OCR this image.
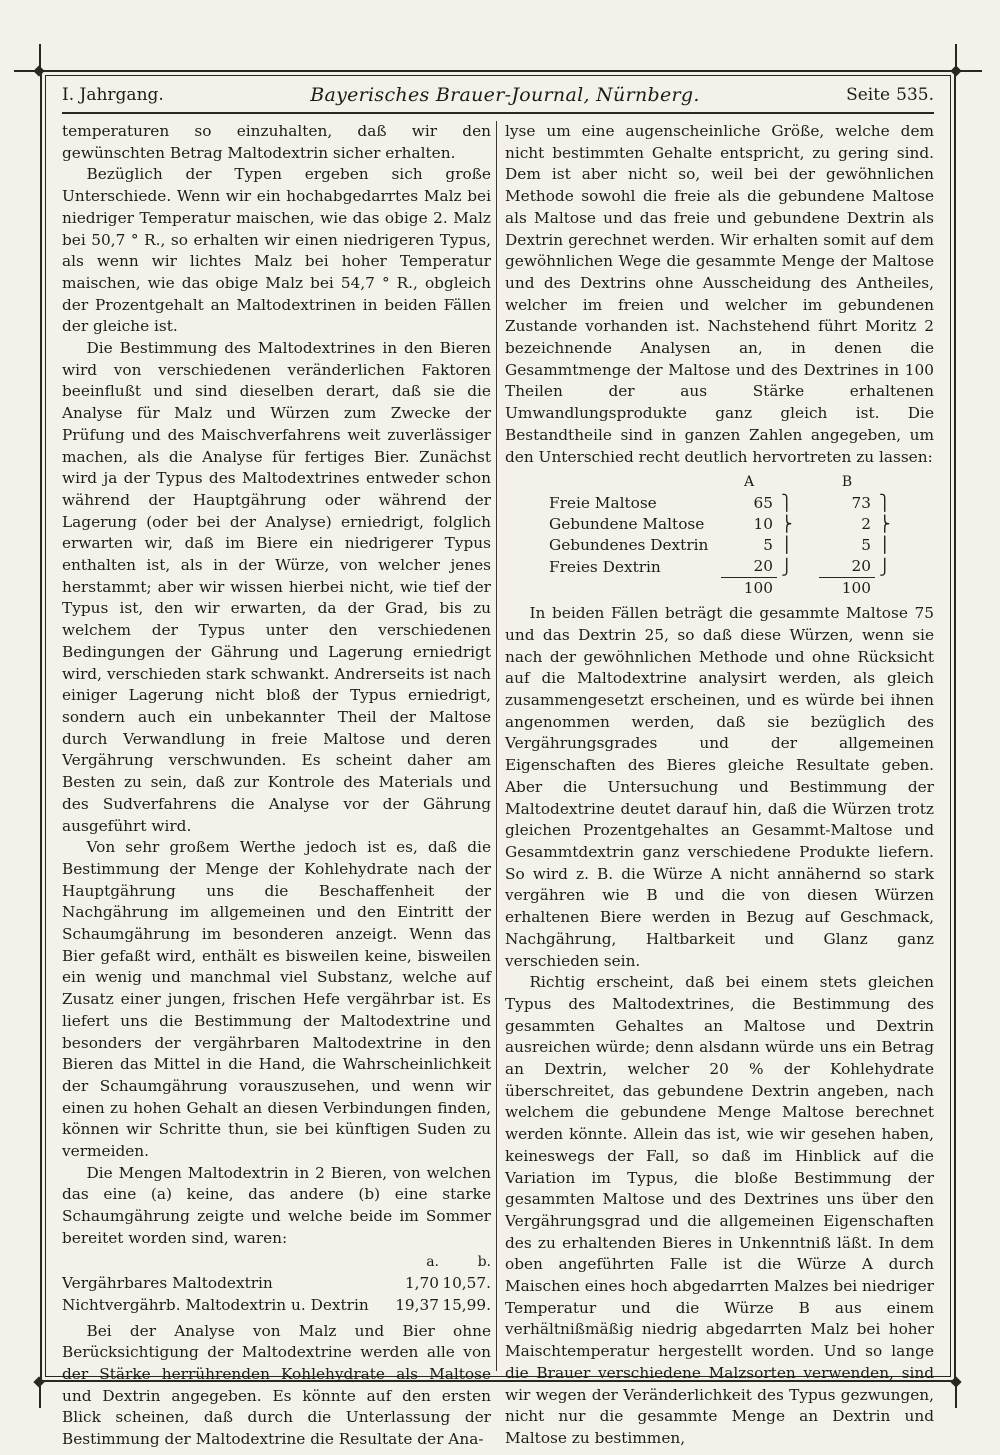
I. Jahrgang.	Bayerisches Brauer-Journal, Nürnberg.	Seite 535.

temperaturen so einzuhalten, daß wir den gewünschten Betrag Maltodextrin sicher erhalten.

Bezüglich der Typen ergeben sich große Unterschiede. Wenn wir ein hochabgedarrtes Malz bei niedriger Temperatur maischen, wie das obige 2. Malz bei 50,7 ° R., so erhalten wir einen niedrigeren Typus, als wenn wir lichtes Malz bei hoher Temperatur maischen, wie das obige Malz bei 54,7 ° R., obgleich der Prozentgehalt an Maltodextrinen in beiden Fällen der gleiche ist.

Die Bestimmung des Maltodextrines in den Bieren wird von verschiedenen veränderlichen Faktoren beeinflußt und sind dieselben derart, daß sie die Analyse für Malz und Würzen zum Zwecke der Prüfung und des Maischverfahrens weit zuverlässiger machen, als die Analyse für fertiges Bier. Zunächst wird ja der Typus des Maltodextrines entweder schon während der Hauptgährung oder während der Lagerung (oder bei der Analyse) erniedrigt, folglich erwarten wir, daß im Biere ein niedrigerer Typus enthalten ist, als in der Würze, von welcher jenes herstammt; aber wir wissen hierbei nicht, wie tief der Typus ist, den wir erwarten, da der Grad, bis zu welchem der Typus unter den verschiedenen Bedingungen der Gährung und Lagerung erniedrigt wird, verschieden stark schwankt. Andrerseits ist nach einiger Lagerung nicht bloß der Typus erniedrigt, sondern auch ein unbekannter Theil der Maltose durch Verwandlung in freie Maltose und deren Vergährung verschwunden. Es scheint daher am Besten zu sein, daß zur Kontrole des Materials und des Sudverfahrens die Analyse vor der Gährung ausgeführt wird.

Von sehr großem Werthe jedoch ist es, daß die Bestimmung der Menge der Kohlehydrate nach der Hauptgährung uns die Beschaffenheit der Nachgährung im allgemeinen und den Eintritt der Schaumgährung im besonderen anzeigt. Wenn das Bier gefaßt wird, enthält es bisweilen keine, bisweilen ein wenig und manchmal viel Substanz, welche auf Zusatz einer jungen, frischen Hefe vergährbar ist. Es liefert uns die Bestimmung der Maltodextrine und besonders der vergährbaren Maltodextrine in den Bieren das Mittel in die Hand, die Wahrscheinlichkeit der Schaumgährung vorauszusehen, und wenn wir einen zu hohen Gehalt an diesen Verbindungen finden, können wir Schritte thun, sie bei künftigen Suden zu vermeiden.

Die Mengen Maltodextrin in 2 Bieren, von welchen das eine (a) keine, das andere (b) eine starke Schaumgährung zeigte und welche beide im Sommer bereitet worden sind, waren:

	a.	b.
Vergährbares Maltodextrin	1,70	10,57.
Nichtvergährb. Maltodextrin u. Dextrin	19,37	15,99.

Bei der Analyse von Malz und Bier ohne Berücksichtigung der Maltodextrine werden alle von der Stärke herrührenden Kohlehydrate als Maltose und Dextrin angegeben. Es könnte auf den ersten Blick scheinen, daß durch die Unterlassung der Bestimmung der Maltodextrine die Resultate der Ana-

lyse um eine augenscheinliche Größe, welche dem nicht bestimmten Gehalte entspricht, zu gering sind. Dem ist aber nicht so, weil bei der gewöhnlichen Methode sowohl die freie als die gebundene Maltose als Maltose und das freie und gebundene Dextrin als Dextrin gerechnet werden. Wir erhalten somit auf dem gewöhnlichen Wege die gesammte Menge der Maltose und des Dextrins ohne Ausscheidung des Antheiles, welcher im freien und welcher im gebundenen Zustande vorhanden ist. Nachstehend führt Moritz 2 bezeichnende Analysen an, in denen die Gesammtmenge der Maltose und des Dextrines in 100 Theilen der aus Stärke erhaltenen Umwandlungsprodukte ganz gleich ist. Die Bestandtheile sind in ganzen Zahlen angegeben, um den Unterschied recht deutlich hervortreten zu lassen:

	A		B	
Freie Maltose	65	⎫	73	⎫
Gebundene Maltose	10	⎬	2	⎬
Gebundenes Dextrin	5	⎪	5	⎪
Freies Dextrin	20	⎭	20	⎭
	100		100	

In beiden Fällen beträgt die gesammte Maltose 75 und das Dextrin 25, so daß diese Würzen, wenn sie nach der gewöhnlichen Methode und ohne Rücksicht auf die Maltodextrine analysirt werden, als gleich zusammengesetzt erscheinen, und es würde bei ihnen angenommen werden, daß sie bezüglich des Vergährungsgrades und der allgemeinen Eigenschaften des Bieres gleiche Resultate geben. Aber die Untersuchung und Bestimmung der Maltodextrine deutet darauf hin, daß die Würzen trotz gleichen Prozentgehaltes an Gesammt-Maltose und Gesammtdextrin ganz verschiedene Produkte liefern. So wird z. B. die Würze A nicht annähernd so stark vergähren wie B und die von diesen Würzen erhaltenen Biere werden in Bezug auf Geschmack, Nachgährung, Haltbarkeit und Glanz ganz verschieden sein.

Richtig erscheint, daß bei einem stets gleichen Typus des Maltodextrines, die Bestimmung des gesammten Gehaltes an Maltose und Dextrin ausreichen würde; denn alsdann würde uns ein Betrag an Dextrin, welcher 20 % der Kohlehydrate überschreitet, das gebundene Dextrin angeben, nach welchem die gebundene Menge Maltose berechnet werden könnte. Allein das ist, wie wir gesehen haben, keineswegs der Fall, so daß im Hinblick auf die Variation im Typus, die bloße Bestimmung der gesammten Maltose und des Dextrines uns über den Vergährungsgrad und die allgemeinen Eigenschaften des zu erhaltenden Bieres in Unkenntniß läßt. In dem oben angeführten Falle ist die Würze A durch Maischen eines hoch abgedarrten Malzes bei niedriger Temperatur und die Würze B aus einem verhältnißmäßig niedrig abgedarrten Malz bei hoher Maischtemperatur hergestellt worden. Und so lange die Brauer verschiedene Malzsorten verwenden, sind wir wegen der Veränderlichkeit des Typus gezwungen, nicht nur die gesammte Menge an Dextrin und Maltose zu bestimmen,
